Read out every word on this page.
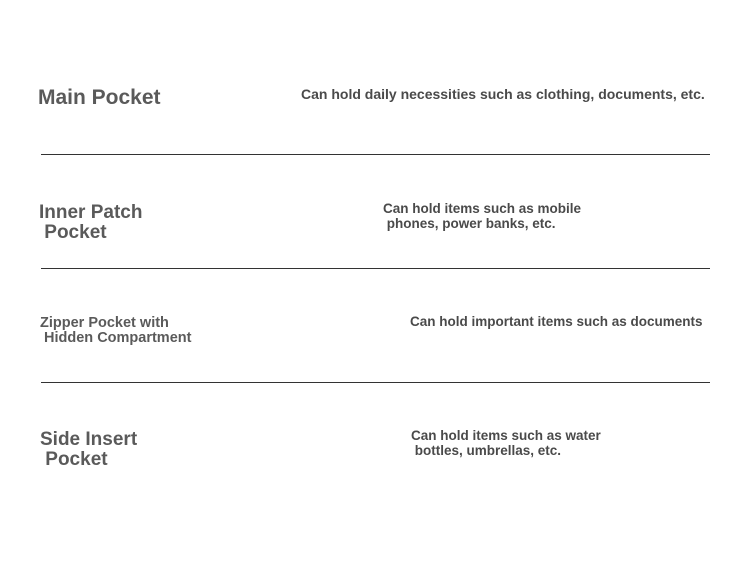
Main Pocket	Can hold daily necessities such as clothing, documents, etc.
Inner Patch
Pocket
Can hold items such as mobile
phones, power banks, etc.
Zipper Pocket with
Hidden Compartment
Can hold important items such as documents
Side Insert
Pocket
Can hold items such as water
bottles, umbrellas, etc.
